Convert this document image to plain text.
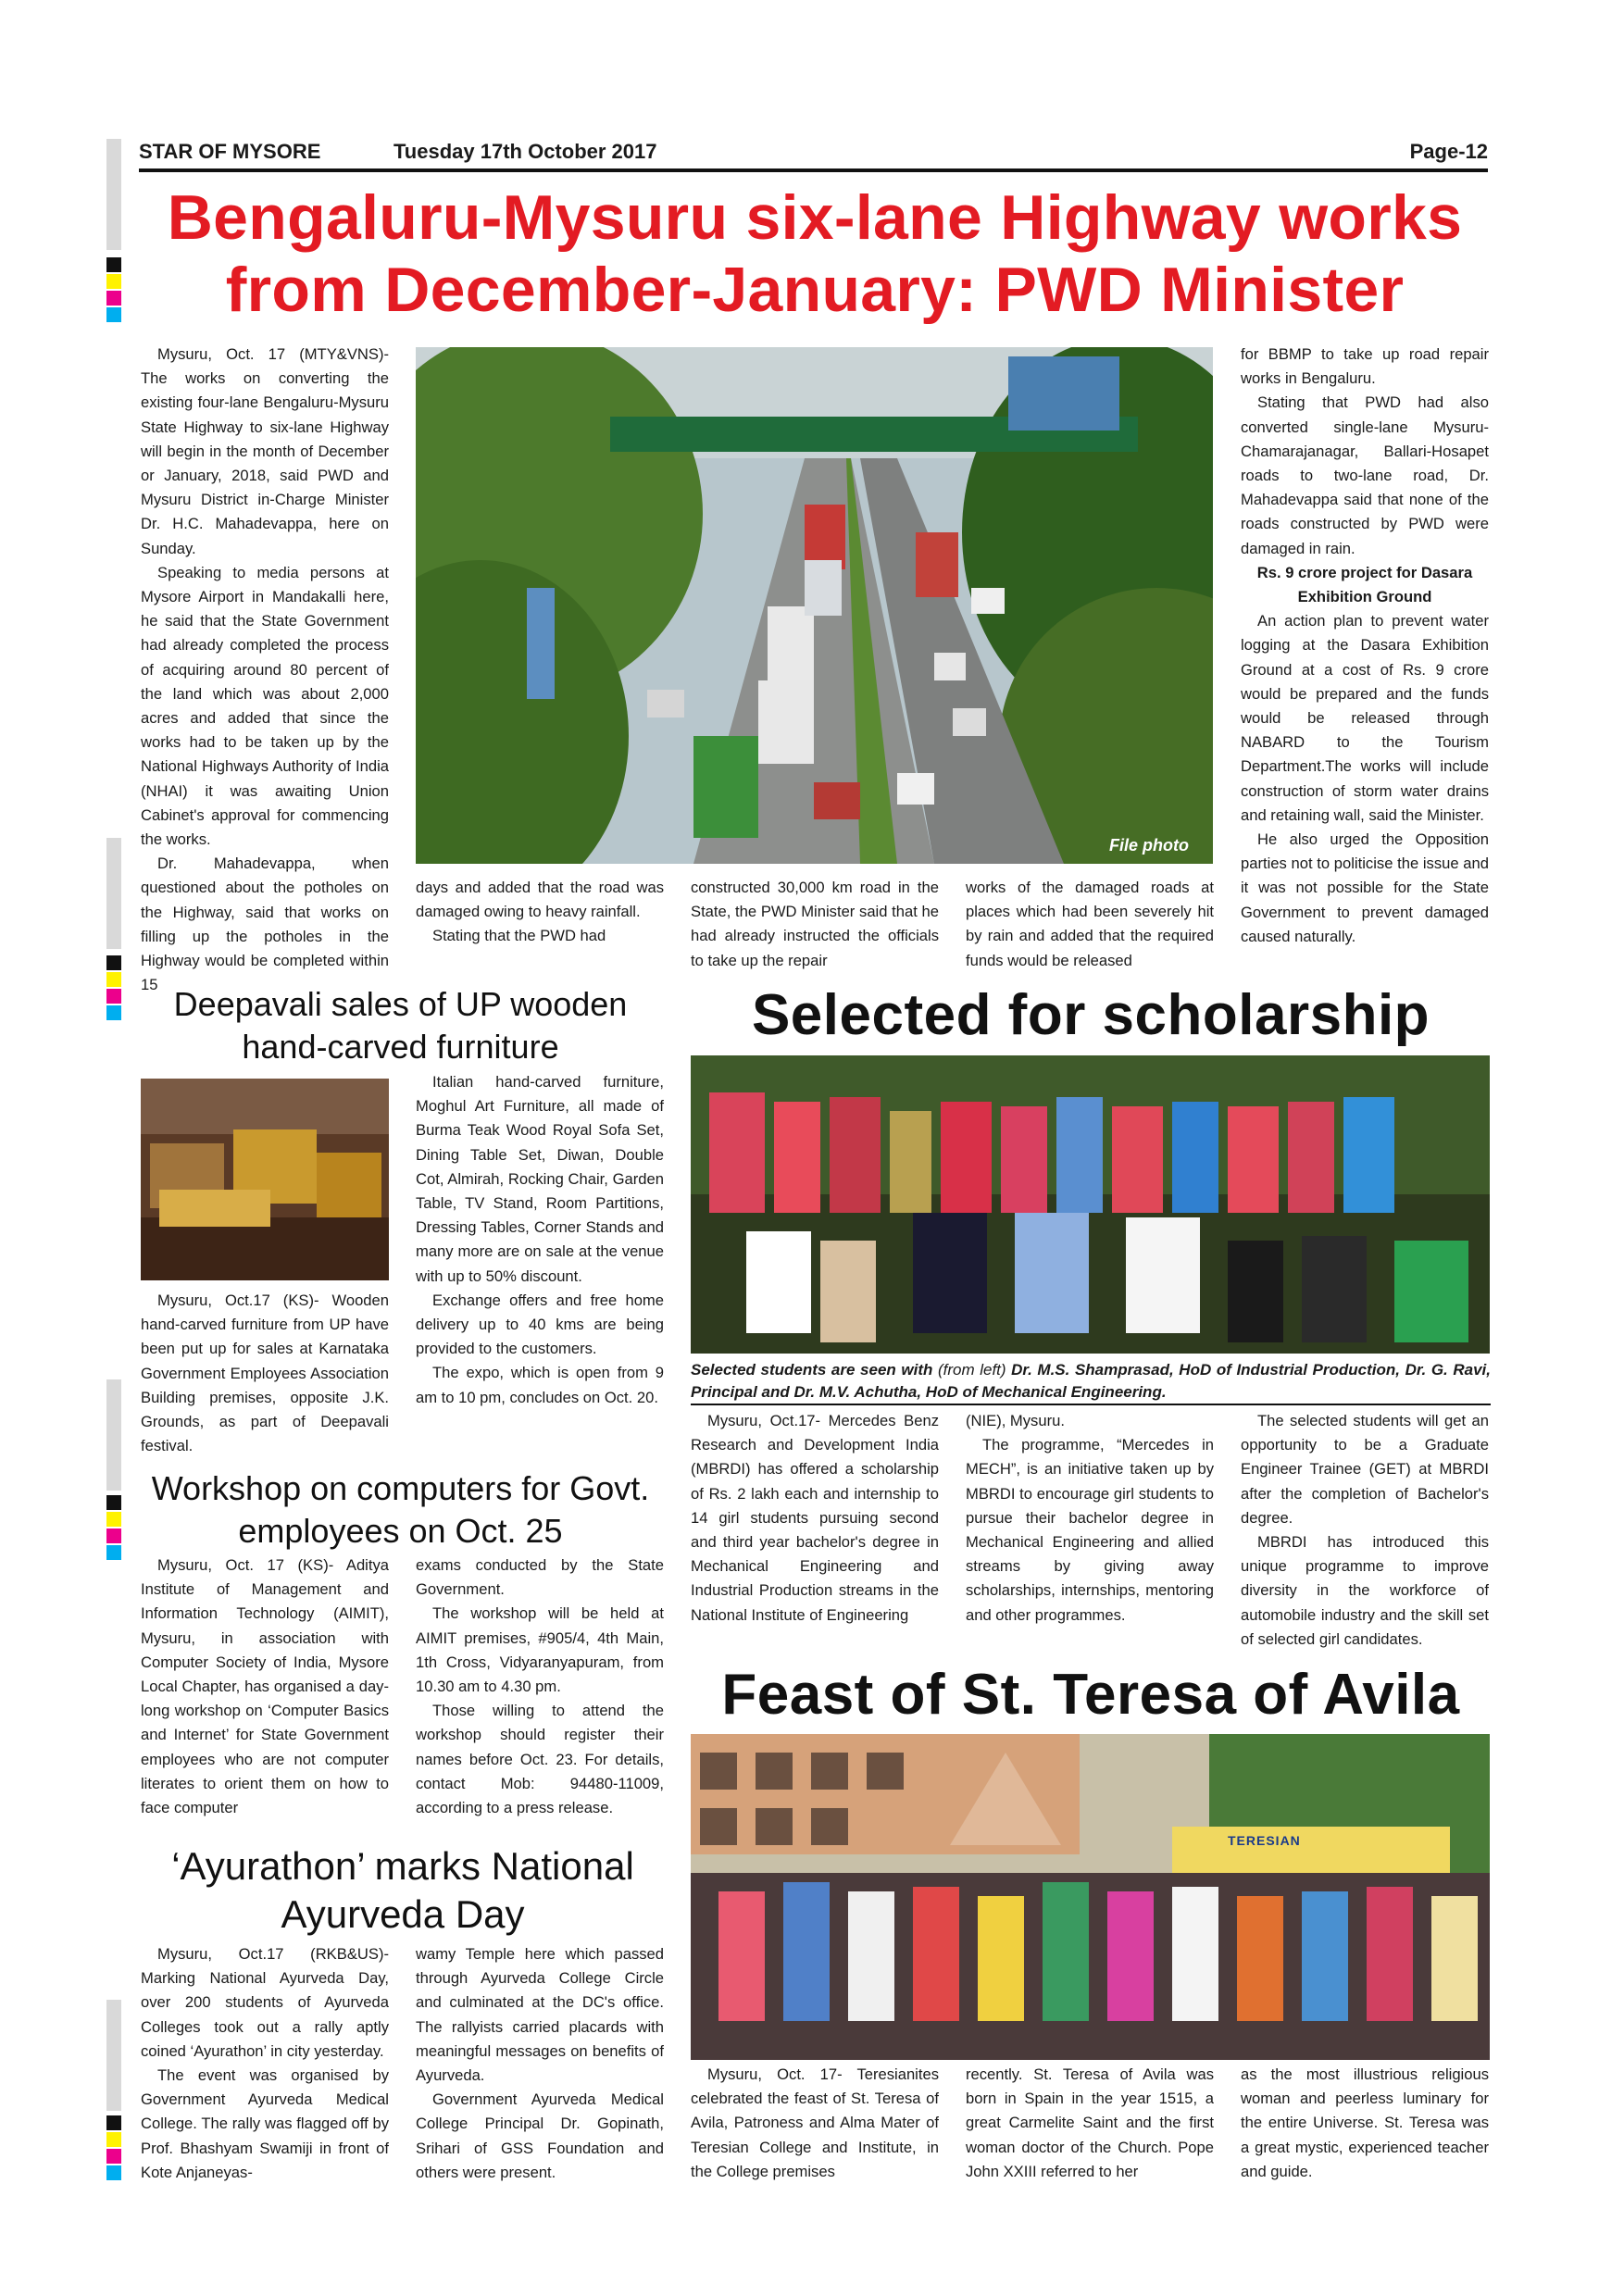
STAR OF MYSORE	Tuesday 17th October 2017	Page-12
Bengaluru-Mysuru six-lane Highway works from December-January: PWD Minister

Mysuru, Oct. 17 (MTY&VNS)- The works on converting the existing four-lane Bengaluru-Mysuru State Highway to six-lane Highway will begin in the month of December or January, 2018, said PWD and Mysuru District in-Charge Minister Dr. H.C. Mahadevappa, here on Sunday.

Speaking to media persons at Mysore Airport in Mandakalli here, he said that the State Government had already completed the process of acquiring around 80 percent of the land which was about 2,000 acres and added that since the works had to be taken up by the National Highways Authority of India (NHAI) it was awaiting Union Cabinet's approval for commencing the works.

Dr. Mahadevappa, when questioned about the potholes on the Highway, said that works on filling up the potholes in the Highway would be completed within 15

File photo

days and added that the road was damaged owing to heavy rainfall.

Stating that the PWD had

constructed 30,000 km road in the State, the PWD Minister said that he had already instructed the officials to take up the repair

works of the damaged roads at places which had been severely hit by rain and added that the required funds would be released

for BBMP to take up road repair works in Bengaluru.

Stating that PWD had also converted single-lane Mysuru-Chamarajanagar, Ballari-Hosapet roads to two-lane road, Dr. Mahadevappa said that none of the roads constructed by PWD were damaged in rain.

Rs. 9 crore project for Dasara Exhibition Ground

An action plan to prevent water logging at the Dasara Exhibition Ground at a cost of Rs. 9 crore would be prepared and the funds would be released through NABARD to the Tourism Department.The works will include construction of storm water drains and retaining wall, said the Minister.

He also urged the Opposition parties not to politicise the issue and it was not possible for the State Government to prevent damaged caused naturally.

Deepavali sales of UP wooden hand-carved furniture

Mysuru, Oct.17 (KS)- Wooden hand-carved furniture from UP have been put up for sales at Karnataka Government Employees Association Building premises, opposite J.K. Grounds, as part of Deepavali festival.

Italian hand-carved furniture, Moghul Art Furniture, all made of Burma Teak Wood Royal Sofa Set, Dining Table Set, Diwan, Double Cot, Almirah, Rocking Chair, Garden Table, TV Stand, Room Partitions, Dressing Tables, Corner Stands and many more are on sale at the venue with up to 50% discount.

Exchange offers and free home delivery up to 40 kms are being provided to the customers.

The expo, which is open from 9 am to 10 pm, concludes on Oct. 20.

Selected for scholarship
Selected students are seen with (from left) Dr. M.S. Shamprasad, HoD of Industrial Production, Dr. G. Ravi, Principal and Dr. M.V. Achutha, HoD of Mechanical Engineering.

Mysuru, Oct.17- Mercedes Benz Research and Development India (MBRDI) has offered a scholarship of Rs. 2 lakh each and internship to 14 girl students pursuing second and third year bachelor's degree in Mechanical Engineering and Industrial Production streams in the National Institute of Engineering

(NIE), Mysuru.

The programme, “Mercedes in MECH”, is an initiative taken up by MBRDI to encourage girl students to pursue their bachelor degree in Mechanical Engineering and allied streams by giving away scholarships, internships, mentoring and other programmes.

The selected students will get an opportunity to be a Graduate Engineer Trainee (GET) at MBRDI after the completion of Bachelor's degree.

MBRDI has introduced this unique programme to improve diversity in the workforce of automobile industry and the skill set of selected girl candidates.

Workshop on computers for Govt. employees on Oct. 25

Mysuru, Oct. 17 (KS)- Aditya Institute of Management and Information Technology (AIMIT), Mysuru, in association with Computer Society of India, Mysore Local Chapter, has organised a day-long workshop on ‘Computer Basics and Internet’ for State Government employees who are not computer literates to orient them on how to face computer

exams conducted by the State Government.

The workshop will be held at AIMIT premises, #905/4, 4th Main, 1th Cross, Vidyaranyapuram, from 10.30 am to 4.30 pm.

Those willing to attend the workshop should register their names before Oct. 23. For details, contact Mob: 94480-11009, according to a press release.

Feast of St. Teresa of Avila
TERESIAN

Mysuru, Oct. 17- Teresianites celebrated the feast of St. Teresa of Avila, Patroness and Alma Mater of Teresian College and Institute, in the College premises

recently. St. Teresa of Avila was born in Spain in the year 1515, a great Carmelite Saint and the first woman doctor of the Church. Pope John XXIII referred to her

as the most illustrious religious woman and peerless luminary for the entire Universe. St. Teresa was a great mystic, experienced teacher and guide.

‘Ayurathon’ marks National Ayurveda Day

Mysuru, Oct.17 (RKB&US)- Marking National Ayurveda Day, over 200 students of Ayurveda Colleges took out a rally aptly coined ‘Ayurathon’ in city yesterday.

The event was organised by Government Ayurveda Medical College. The rally was flagged off by Prof. Bhashyam Swamiji in front of Kote Anjaneyas-

wamy Temple here which passed through Ayurveda College Circle and culminated at the DC's office. The rallyists carried placards with meaningful messages on benefits of Ayurveda.

Government Ayurveda Medical College Principal Dr. Gopinath, Srihari of GSS Foundation and others were present.
